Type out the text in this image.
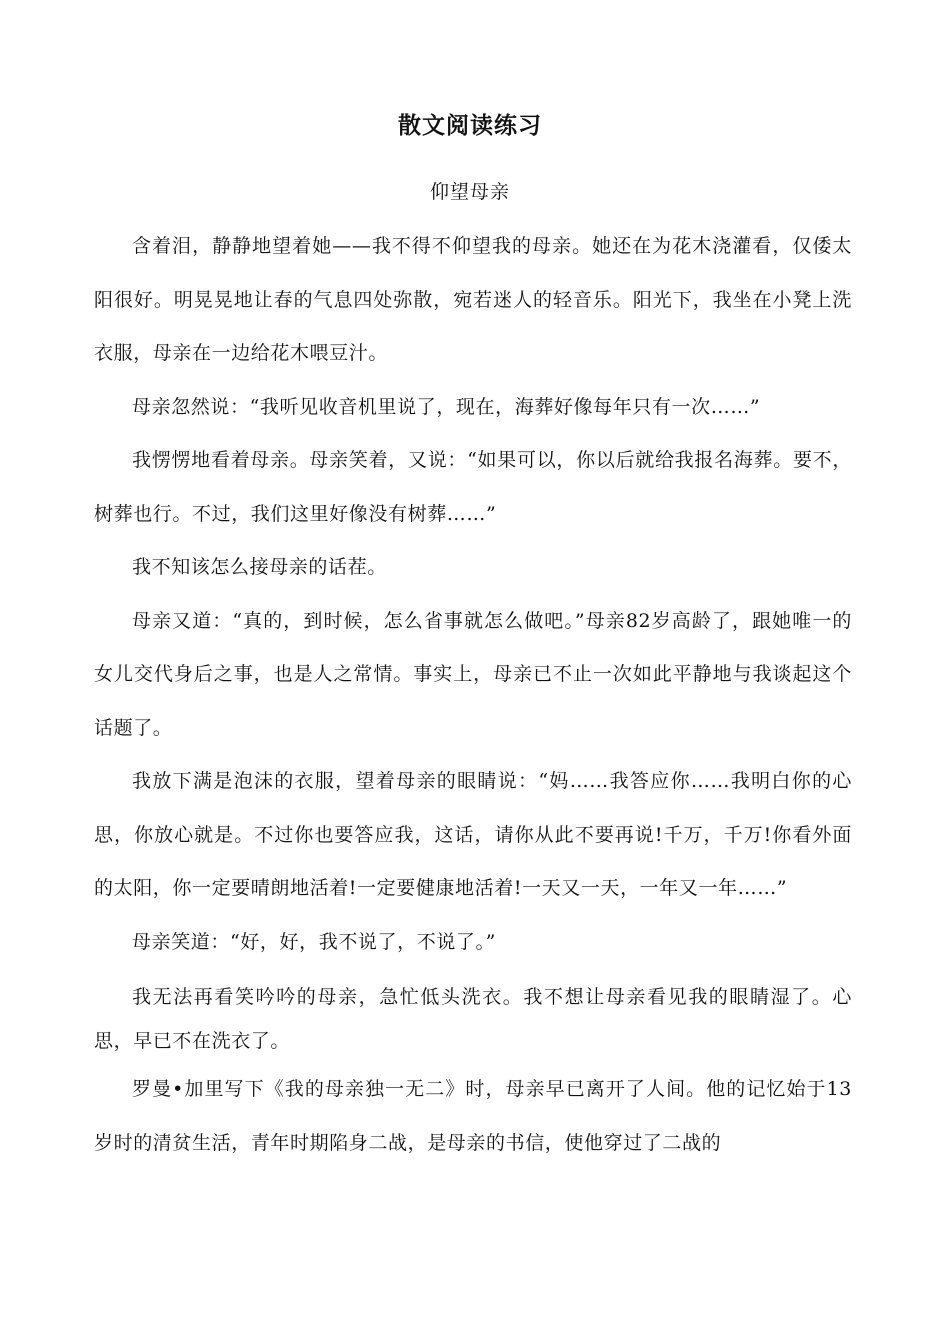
散文阅读练习
仰望母亲

含着泪，静静地望着她——我不得不仰望我的母亲。她还在为花木浇灌看，仅倭太阳很好。明晃晃地让春的气息四处弥散，宛若迷人的轻音乐。阳光下，我坐在小凳上洗衣服，母亲在一边给花木喂豆汁。

母亲忽然说：“我听见收音机里说了，现在，海葬好像每年只有一次……”

我愣愣地看着母亲。母亲笑着，又说：“如果可以，你以后就给我报名海葬。要不，树葬也行。不过，我们这里好像没有树葬……”

我不知该怎么接母亲的话茬。

母亲又道：“真的，到时候，怎么省事就怎么做吧。”母亲82岁高龄了，跟她唯一的女儿交代身后之事，也是人之常情。事实上，母亲已不止一次如此平静地与我谈起这个话题了。

我放下满是泡沫的衣服，望着母亲的眼睛说：“妈……我答应你……我明白你的心思，你放心就是。不过你也要答应我，这话，请你从此不要再说!千万，千万!你看外面的太阳，你一定要晴朗地活着!一定要健康地活着!一天又一天，一年又一年……”

母亲笑道：“好，好，我不说了，不说了。”

我无法再看笑吟吟的母亲，急忙低头洗衣。我不想让母亲看见我的眼睛湿了。心思，早已不在洗衣了。

罗曼•加里写下《我的母亲独一无二》时，母亲早已离开了人间。他的记忆始于13岁时的清贫生活，青年时期陷身二战，是母亲的书信，使他穿过了二战的
